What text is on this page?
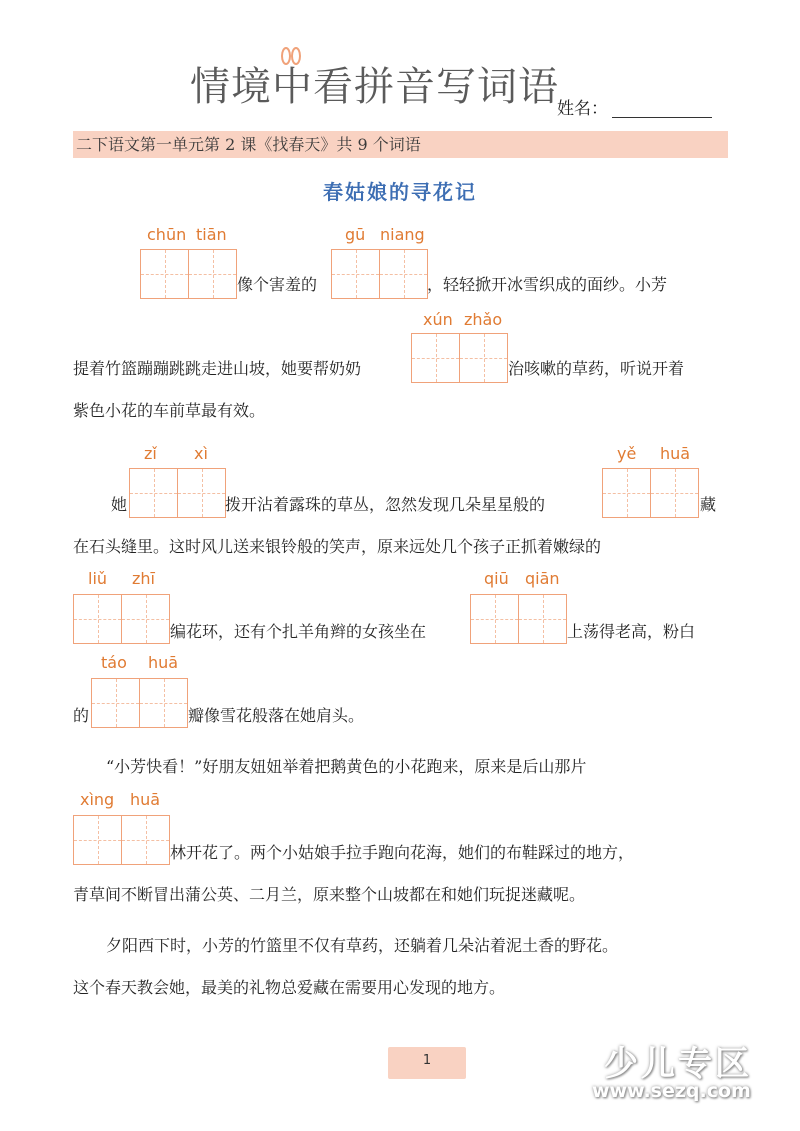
情境中看拼音写词语
姓名：
二下语文第一单元第 2 课《找春天》共 9 个词语
春姑娘的寻花记
chūn tiān
像个害羞的
gū niang
，轻轻掀开冰雪织成的面纱。小芳
xún zhǎo
提着竹篮蹦蹦跳跳走进山坡，她要帮奶奶	治咳嗽的草药，听说开着
紫色小花的车前草最有效。
zǐ xì
她	拨开沾着露珠的草丛，忽然发现几朵星星般的
yě huā
藏
在石头缝里。这时风儿送来银铃般的笑声，原来远处几个孩子正抓着嫩绿的
liǔ zhī
编花环，还有个扎羊角辫的女孩坐在
qiū qiān
上荡得老高，粉白
táo huā
的	瓣像雪花般落在她肩头。
“小芳快看！”好朋友妞妞举着把鹅黄色的小花跑来，原来是后山那片
xìng huā
林开花了。两个小姑娘手拉手跑向花海，她们的布鞋踩过的地方，
青草间不断冒出蒲公英、二月兰，原来整个山坡都在和她们玩捉迷藏呢。
夕阳西下时，小芳的竹篮里不仅有草药，还躺着几朵沾着泥土香的野花。
这个春天教会她，最美的礼物总爱藏在需要用心发现的地方。
1	少儿专区
www.sezq.com
